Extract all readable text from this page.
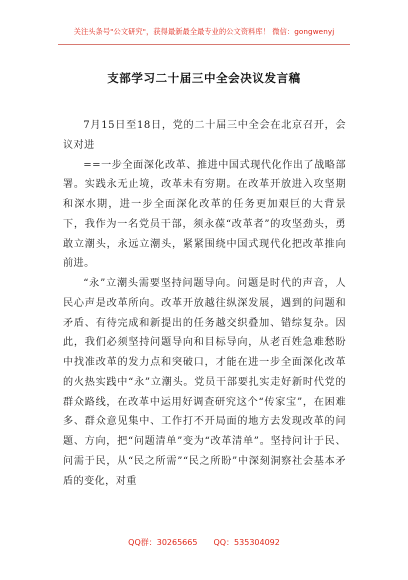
关注头条号"公文研究"，获得最新最全最专业的公文资料库！ 微信：gongwenyj
支部学习二十届三中全会决议发言稿

7月15日至18日，党的二十届三中全会在北京召开，会议对进

==一步全面深化改革、推进中国式现代化作出了战略部署。实践永无止境，改革未有穷期。在改革开放进入攻坚期和深水期，进一步全面深化改革的任务更加艰巨的大背景下，我作为一名党员干部，须永葆“改革者”的攻坚劲头，勇敢立潮头，永远立潮头，紧紧围绕中国式现代化把改革推向前进。

“永”立潮头需要坚持问题导向。问题是时代的声音，人民心声是改革所向。改革开放越往纵深发展，遇到的问题和矛盾、有待完成和新提出的任务越交织叠加、错综复杂。因此，我们必须坚持问题导向和目标导向，从老百姓急难愁盼中找准改革的发力点和突破口，才能在进一步全面深化改革的火热实践中“永”立潮头。党员干部要扎实走好新时代党的群众路线，在改革中运用好调查研究这个“传家宝”，在困难多、群众意见集中、工作打不开局面的地方去发现改革的问题、方向，把“问题清单”变为“改革清单”。坚持问计于民、问需于民，从“民之所需”“民之所盼”中深刻洞察社会基本矛盾的变化，对重

QQ群：30265665 QQ：535304092
